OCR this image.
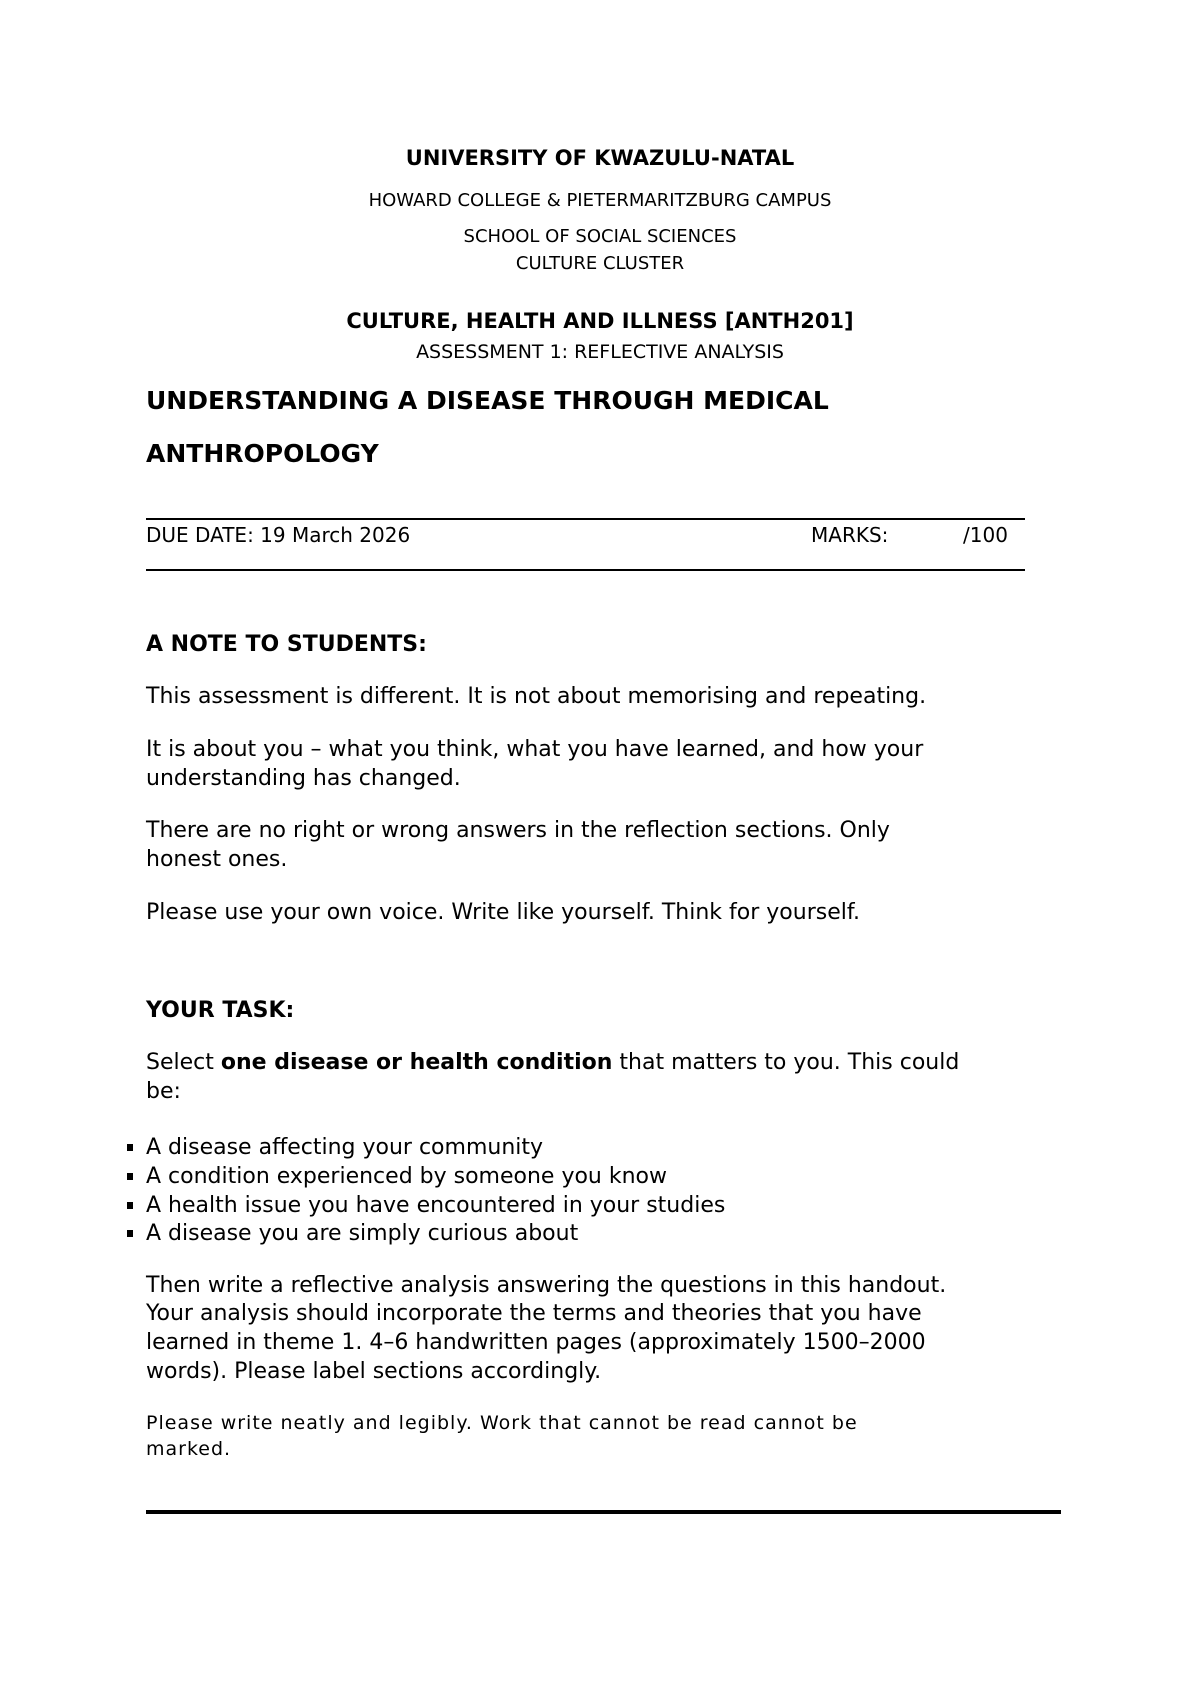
UNIVERSITY OF KWAZULU-NATAL
HOWARD COLLEGE & PIETERMARITZBURG CAMPUS
SCHOOL OF SOCIAL SCIENCES
CULTURE CLUSTER
CULTURE, HEALTH AND ILLNESS [ANTH201]
ASSESSMENT 1: REFLECTIVE ANALYSIS
UNDERSTANDING A DISEASE THROUGH MEDICAL
ANTHROPOLOGY
DUE DATE: 19 March 2026	MARKS:	/100
A NOTE TO STUDENTS:
This assessment is different. It is not about memorising and repeating.
It is about you – what you think, what you have learned, and how your
understanding has changed.
There are no right or wrong answers in the reflection sections. Only
honest ones.
Please use your own voice. Write like yourself. Think for yourself.
YOUR TASK:
Select one disease or health condition that matters to you. This could
be:
A disease affecting your community
A condition experienced by someone you know
A health issue you have encountered in your studies
A disease you are simply curious about
Then write a reflective analysis answering the questions in this handout.
Your analysis should incorporate the terms and theories that you have
learned in theme 1. 4–6 handwritten pages (approximately 1500–2000
words). Please label sections accordingly.
Please write neatly and legibly. Work that cannot be read cannot be
marked.
